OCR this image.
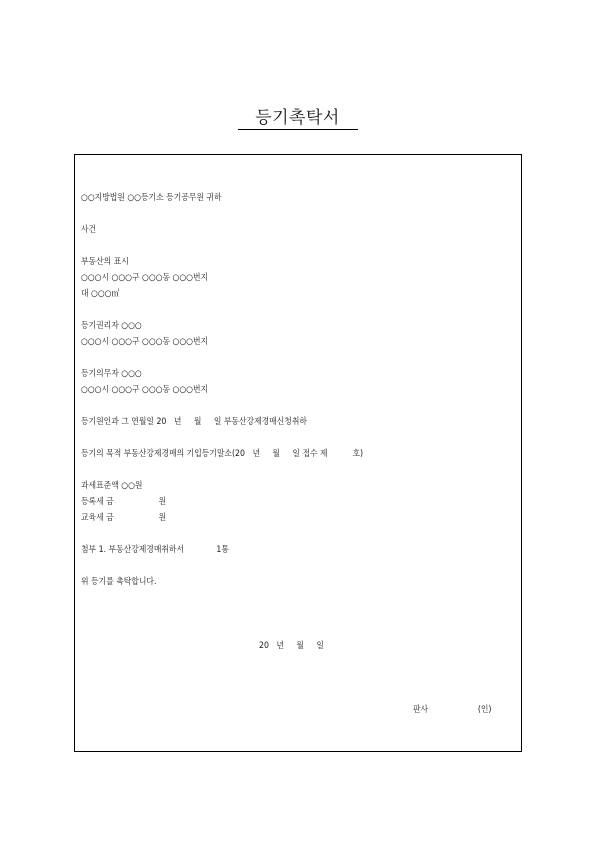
등기촉탁서
○○지방법원 ○○등기소 등기공무원 귀하
사건
부동산의 표시
○○○시 ○○○구 ○○○동 ○○○번지
대 ○○○㎡
등기권리자 ○○○
○○○시 ○○○구 ○○○동 ○○○번지
등기의무자 ○○○
○○○시 ○○○구 ○○○동 ○○○번지
등기원인과 그 연월일 20   년     월     일 부동산강제경매신청취하
등기의 목적 부동산강제경매의 기입등기말소(20   년     월     일 접수 제          호)
과세표준액 ○○원
등록세 금                  원
교육세 금                  원
첨부 1. 부동산강제경매취하서             1통
위 등기를 촉탁합니다.
20   년     월     일
판사                    (인)
